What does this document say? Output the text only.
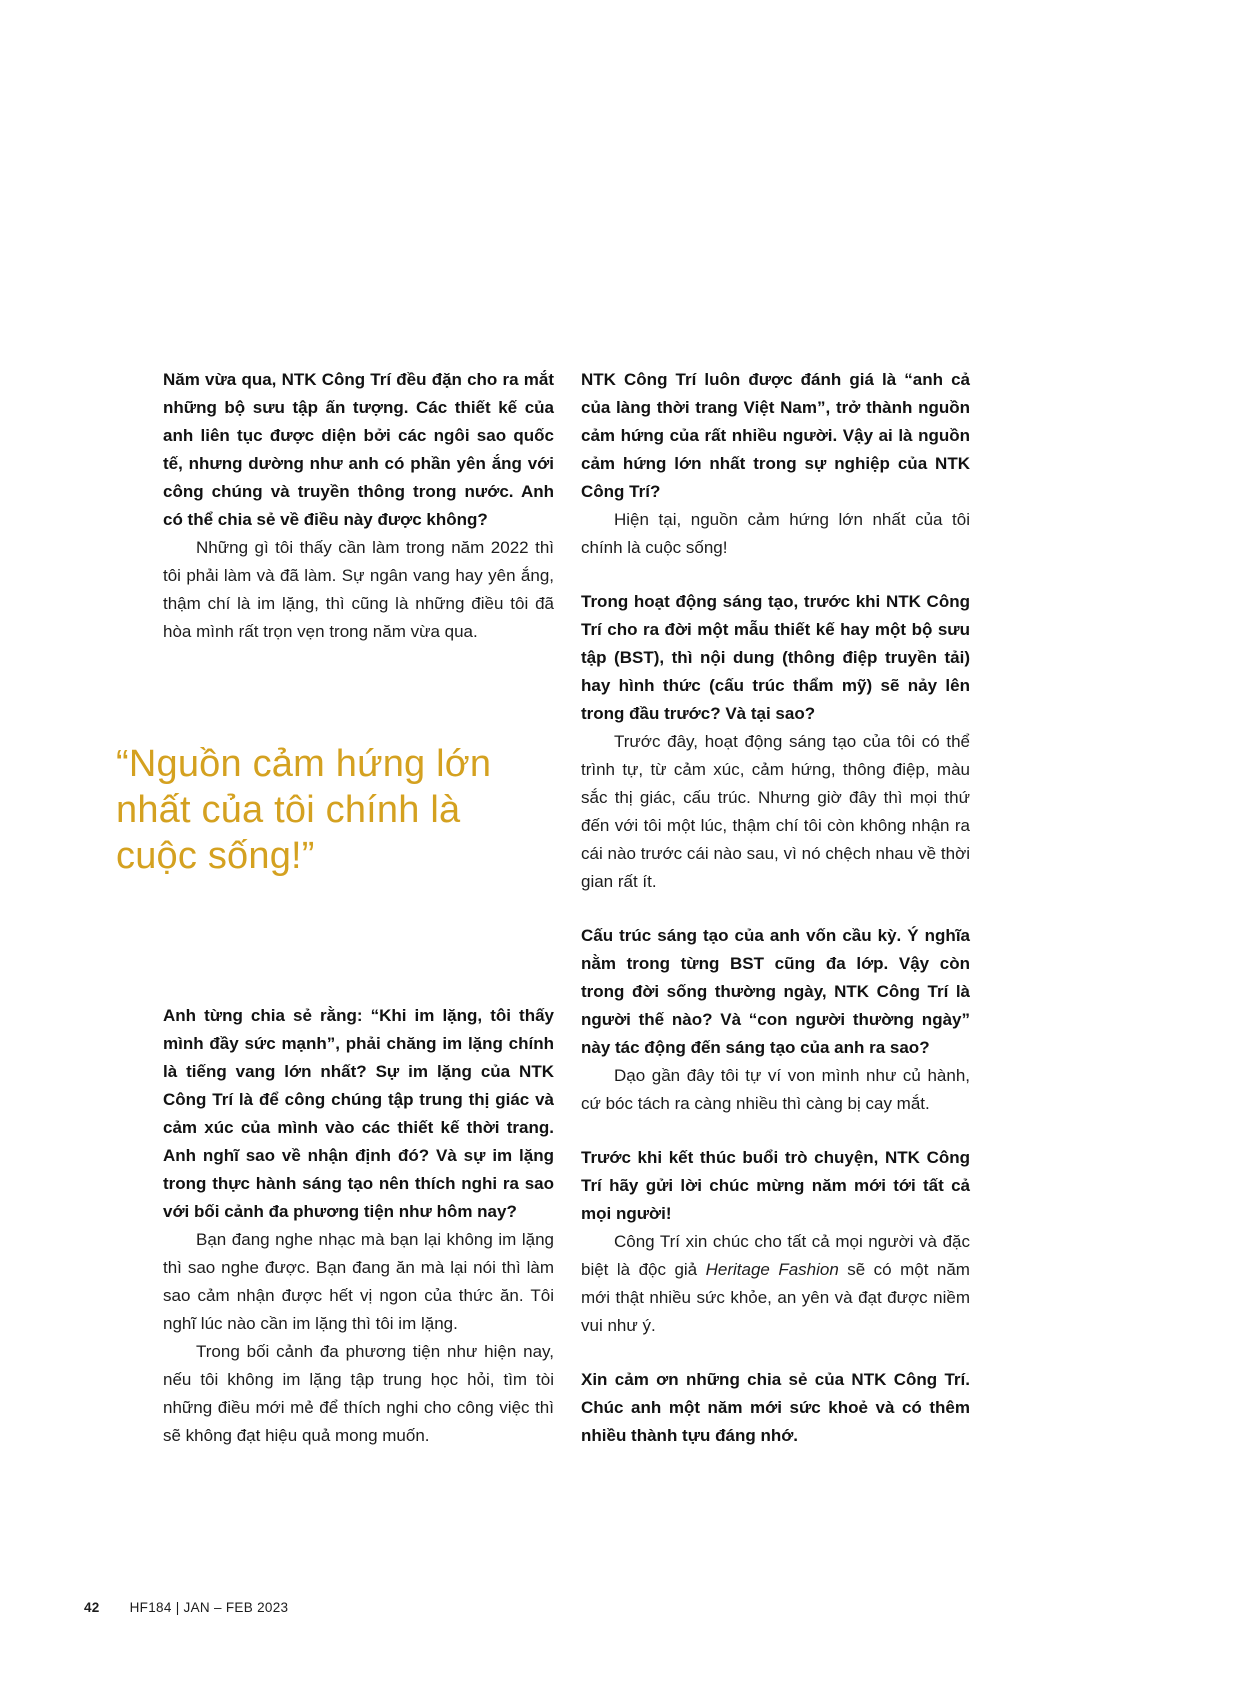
Năm vừa qua, NTK Công Trí đều đặn cho ra mắt những bộ sưu tập ấn tượng. Các thiết kế của anh liên tục được diện bởi các ngôi sao quốc tế, nhưng dường như anh có phần yên ắng với công chúng và truyền thông trong nước. Anh có thể chia sẻ về điều này được không?

Những gì tôi thấy cần làm trong năm 2022 thì tôi phải làm và đã làm. Sự ngân vang hay yên ắng, thậm chí là im lặng, thì cũng là những điều tôi đã hòa mình rất trọn vẹn trong năm vừa qua.

“Nguồn cảm hứng lớn nhất của tôi chính là cuộc sống!”

Anh từng chia sẻ rằng: “Khi im lặng, tôi thấy mình đầy sức mạnh”, phải chăng im lặng chính là tiếng vang lớn nhất? Sự im lặng của NTK Công Trí là để công chúng tập trung thị giác và cảm xúc của mình vào các thiết kế thời trang. Anh nghĩ sao về nhận định đó? Và sự im lặng trong thực hành sáng tạo nên thích nghi ra sao với bối cảnh đa phương tiện như hôm nay?

Bạn đang nghe nhạc mà bạn lại không im lặng thì sao nghe được. Bạn đang ăn mà lại nói thì làm sao cảm nhận được hết vị ngon của thức ăn. Tôi nghĩ lúc nào cần im lặng thì tôi im lặng.

Trong bối cảnh đa phương tiện như hiện nay, nếu tôi không im lặng tập trung học hỏi, tìm tòi những điều mới mẻ để thích nghi cho công việc thì sẽ không đạt hiệu quả mong muốn.

NTK Công Trí luôn được đánh giá là “anh cả của làng thời trang Việt Nam”, trở thành nguồn cảm hứng của rất nhiều người. Vậy ai là nguồn cảm hứng lớn nhất trong sự nghiệp của NTK Công Trí?

Hiện tại, nguồn cảm hứng lớn nhất của tôi chính là cuộc sống!

Trong hoạt động sáng tạo, trước khi NTK Công Trí cho ra đời một mẫu thiết kế hay một bộ sưu tập (BST), thì nội dung (thông điệp truyền tải) hay hình thức (cấu trúc thẩm mỹ) sẽ nảy lên trong đầu trước? Và tại sao?

Trước đây, hoạt động sáng tạo của tôi có thể trình tự, từ cảm xúc, cảm hứng, thông điệp, màu sắc thị giác, cấu trúc. Nhưng giờ đây thì mọi thứ đến với tôi một lúc, thậm chí tôi còn không nhận ra cái nào trước cái nào sau, vì nó chệch nhau về thời gian rất ít.

Cấu trúc sáng tạo của anh vốn cầu kỳ. Ý nghĩa nằm trong từng BST cũng đa lớp. Vậy còn trong đời sống thường ngày, NTK Công Trí là người thế nào? Và “con người thường ngày” này tác động đến sáng tạo của anh ra sao?

Dạo gần đây tôi tự ví von mình như củ hành, cứ bóc tách ra càng nhiều thì càng bị cay mắt.

Trước khi kết thúc buổi trò chuyện, NTK Công Trí hãy gửi lời chúc mừng năm mới tới tất cả mọi người!

Công Trí xin chúc cho tất cả mọi người và đặc biệt là độc giả Heritage Fashion sẽ có một năm mới thật nhiều sức khỏe, an yên và đạt được niềm vui như ý.

Xin cảm ơn những chia sẻ của NTK Công Trí. Chúc anh một năm mới sức khoẻ và có thêm nhiều thành tựu đáng nhớ.

42 HF184 | JAN – FEB 2023
